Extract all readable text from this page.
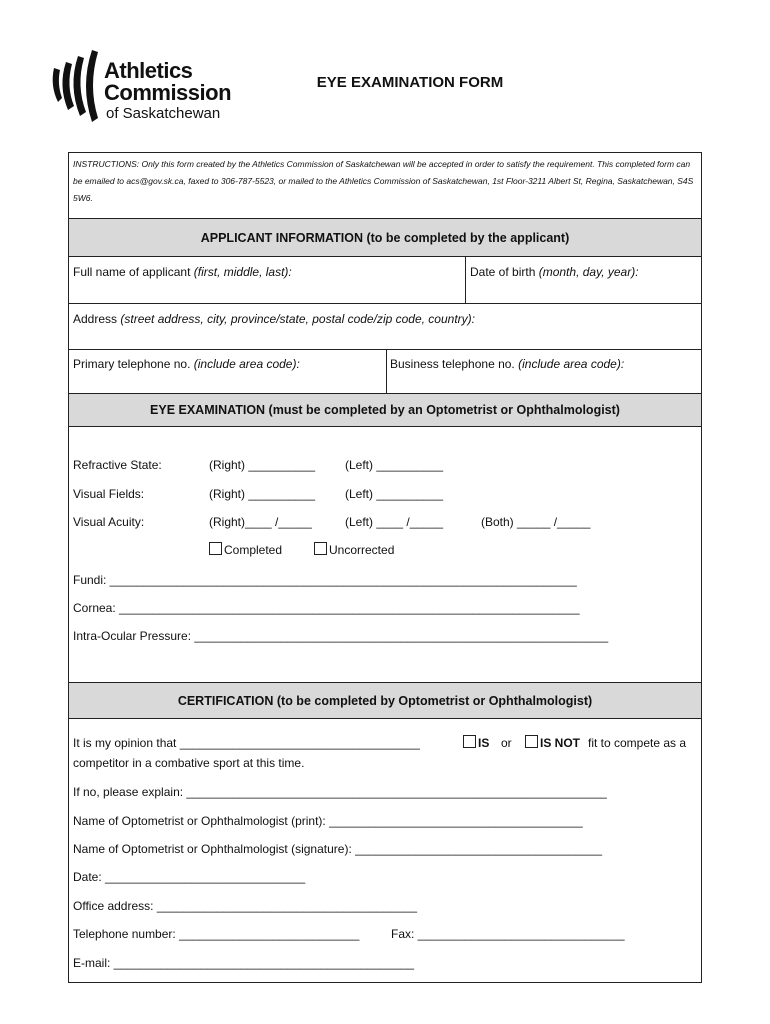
Athletics
Commission
of Saskatchewan
EYE EXAMINATION FORM
INSTRUCTIONS: Only this form created by the Athletics Commission of Saskatchewan will be accepted in order to satisfy the requirement. This completed form can be emailed to acs@gov.sk.ca, faxed to 306-787-5523, or mailed to the Athletics Commission of Saskatchewan, 1st Floor-3211 Albert St, Regina, Saskatchewan, S4S 5W6.
APPLICANT INFORMATION (to be completed by the applicant)
Full name of applicant (first, middle, last):	Date of birth (month, day, year):
Address (street address, city, province/state, postal code/zip code, country):
Primary telephone no. (include area code):	Business telephone no. (include area code):
EYE EXAMINATION (must be completed by an Optometrist or Ophthalmologist)
Refractive State:	(Right) __________ (Left) __________
Visual Fields:	(Right) __________ (Left) __________
Visual Acuity:	(Right)____ /_____	(Left) ____ /_____	(Both) _____ /_____
Completed	Uncorrected
Fundi: ______________________________________________________________________
Cornea: _____________________________________________________________________
Intra-Ocular Pressure: ______________________________________________________________
CERTIFICATION (to be completed by Optometrist or Ophthalmologist)
It is my opinion that ____________________________________	IS or	IS NOT fit to compete as a
competitor in a combative sport at this time.
If no, please explain: _______________________________________________________________
Name of Optometrist or Ophthalmologist (print): ______________________________________
Name of Optometrist or Ophthalmologist (signature): _____________________________________
Date: ______________________________
Office address: _______________________________________
Telephone number: ___________________________	Fax: _______________________________
E-mail: _____________________________________________
